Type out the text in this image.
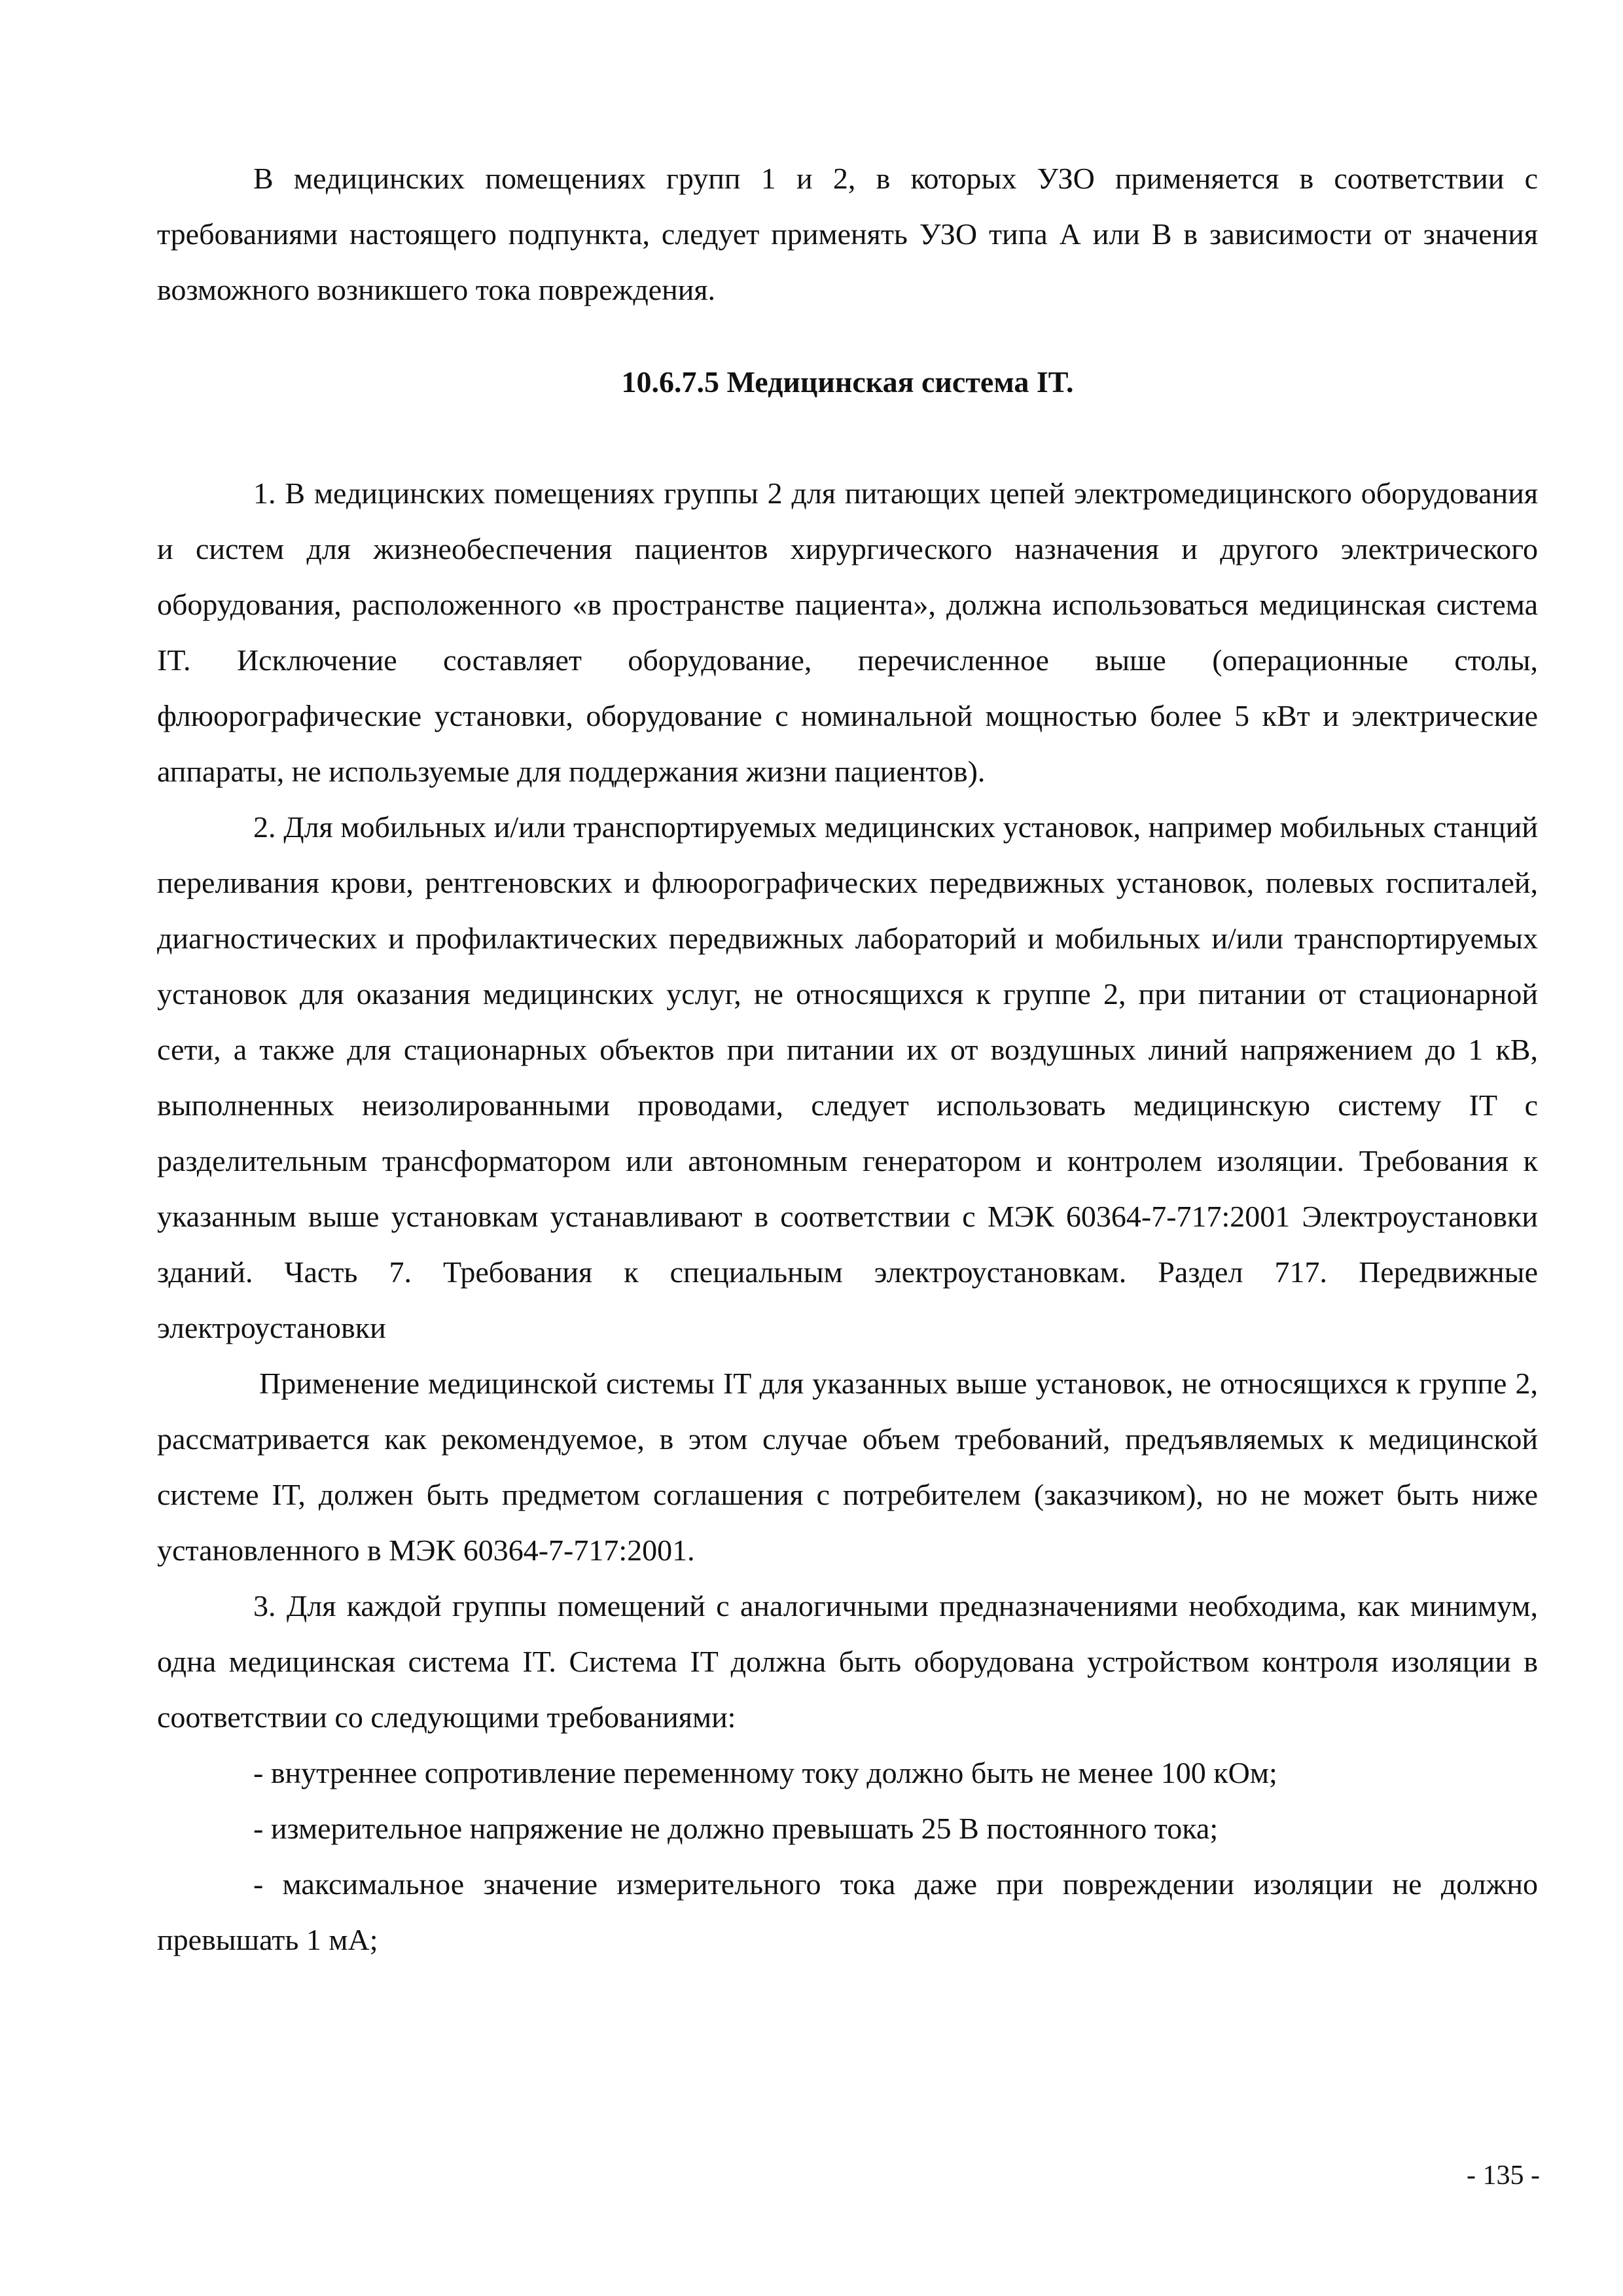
В медицинских помещениях групп 1 и 2, в которых УЗО применяется в соответствии с требованиями настоящего подпункта, следует применять УЗО типа А или В в зависимости от значения возможного возникшего тока повреждения.

10.6.7.5 Медицинская система IT.

1. В медицинских помещениях группы 2 для питающих цепей электромедицинского оборудования и систем для жизнеобеспечения пациентов хирургического назначения и другого электрического оборудования, расположенного «в пространстве пациента», должна использоваться медицинская система IT. Исключение составляет оборудование, перечисленное выше (операционные столы, флюорографические установки, оборудование с номинальной мощностью более 5 кВт и электрические аппараты, не используемые для поддержания жизни пациентов).

2. Для мобильных и/или транспортируемых медицинских установок, например мобильных станций переливания крови, рентгеновских и флюорографических передвижных установок, полевых госпиталей, диагностических и профилактических передвижных лабораторий и мобильных и/или транспортируемых установок для оказания медицинских услуг, не относящихся к группе 2, при питании от стационарной сети, а также для стационарных объектов при питании их от воздушных линий напряжением до 1 кВ, выполненных неизолированными проводами, следует использовать медицинскую систему IT с разделительным трансформатором или автономным генератором и контролем изоляции. Требования к указанным выше установкам устанавливают в соответствии с МЭК 60364-7-717:2001 Электроустановки зданий. Часть 7. Требования к специальным электроустановкам. Раздел 717. Передвижные электроустановки

Применение медицинской системы IT для указанных выше установок, не относящихся к группе 2, рассматривается как рекомендуемое, в этом случае объем требований, предъявляемых к медицинской системе IT, должен быть предметом соглашения с потребителем (заказчиком), но не может быть ниже установленного в МЭК 60364-7-717:2001.

3. Для каждой группы помещений с аналогичными предназначениями необходима, как минимум, одна медицинская система IT. Система IT должна быть оборудована устройством контроля изоляции в соответствии со следующими требованиями:

- внутреннее сопротивление переменному току должно быть не менее 100 кОм;

- измерительное напряжение не должно превышать 25 В постоянного тока;

- максимальное значение измерительного тока даже при повреждении изоляции не должно превышать 1 мА;

- 135 -
